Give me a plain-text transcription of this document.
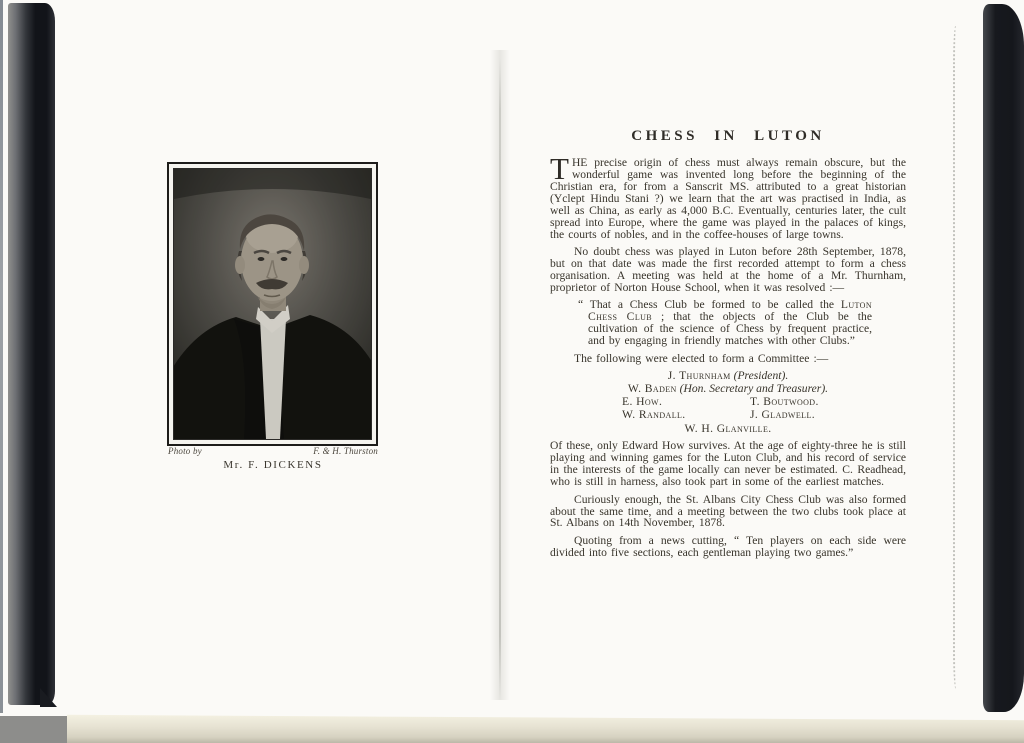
Photo by	F. & H. Thurston
Mr. F. DICKENS
CHESS IN LUTON

THE precise origin of chess must always remain obscure, but the wonderful game was invented long before the beginning of the Christian era, for from a Sanscrit MS. attributed to a great historian (Yclept Hindu Stani ?) we learn that the art was practised in India, as well as China, as early as 4,000 B.C. Eventually, centuries later, the cult spread into Europe, where the game was played in the palaces of kings, the courts of nobles, and in the coffee-houses of large towns.

No doubt chess was played in Luton before 28th September, 1878, but on that date was made the first recorded attempt to form a chess organisation. A meeting was held at the home of a Mr. Thurnham, proprietor of Norton House School, when it was resolved :—

“ That a Chess Club be formed to be called the Luton Chess Club ; that the objects of the Club be the cultivation of the science of Chess by frequent practice, and by engaging in friendly matches with other Clubs.”

The following were elected to form a Committee :—

J. Thurnham (President).
W. Baden (Hon. Secretary and Treasurer).
E. How.	T. Boutwood.
W. Randall.	J. Gladwell.
W. H. Glanville.

Of these, only Edward How survives. At the age of eighty-three he is still playing and winning games for the Luton Club, and his record of service in the interests of the game locally can never be estimated. C. Readhead, who is still in harness, also took part in some of the earliest matches.

Curiously enough, the St. Albans City Chess Club was also formed about the same time, and a meeting between the two clubs took place at St. Albans on 14th November, 1878.

Quoting from a news cutting, “ Ten players on each side were divided into five sections, each gentleman playing two games.”
